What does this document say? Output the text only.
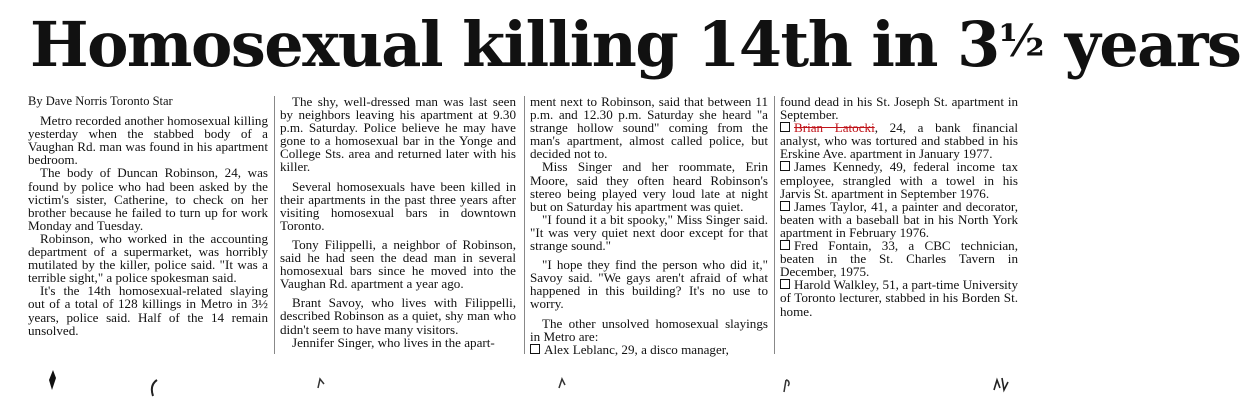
Homosexual killing 14th in 3½ years

By Dave Norris Toronto Star

Metro recorded another homosexual killing yesterday when the stabbed body of a Vaughan Rd. man was found in his apartment bedroom.

The body of Duncan Robinson, 24, was found by police who had been asked by the victim's sister, Catherine, to check on her brother because he failed to turn up for work Monday and Tuesday.

Robinson, who worked in the accounting department of a supermarket, was horribly mutilated by the killer, police said. "It was a terrible sight," a police spokesman said.

It's the 14th homosexual-related slaying out of a total of 128 killings in Metro in 3½ years, police said. Half of the 14 remain unsolved.

The shy, well-dressed man was last seen by neighbors leaving his apartment at 9.30 p.m. Saturday. Police believe he may have gone to a homosexual bar in the Yonge and College Sts. area and returned later with his killer.

Several homosexuals have been killed in their apartments in the past three years after visiting homosexual bars in downtown Toronto.

Tony Filippelli, a neighbor of Robinson, said he had seen the dead man in several homosexual bars since he moved into the Vaughan Rd. apartment a year ago.

Brant Savoy, who lives with Filippelli, described Robinson as a quiet, shy man who didn't seem to have many visitors.

Jennifer Singer, who lives in the apart-

ment next to Robinson, said that between 11 p.m. and 12.30 p.m. Saturday she heard "a strange hollow sound" coming from the man's apartment, almost called police, but decided not to.

Miss Singer and her roommate, Erin Moore, said they often heard Robinson's stereo being played very loud late at night but on Saturday his apartment was quiet.

"I found it a bit spooky," Miss Singer said. "It was very quiet next door except for that strange sound."

"I hope they find the person who did it," Savoy said. "We gays aren't afraid of what happened in this building? It's no use to worry.

The other unsolved homosexual slayings in Metro are:

Alex Leblanc, 29, a disco manager,

found dead in his St. Joseph St. apartment in September.

Brian Latocki, 24, a bank financial analyst, who was tortured and stabbed in his Erskine Ave. apartment in January 1977.

James Kennedy, 49, federal income tax employee, strangled with a towel in his Jarvis St. apartment in September 1976.

James Taylor, 41, a painter and decorator, beaten with a baseball bat in his North York apartment in February 1976.

Fred Fontain, 33, a CBC technician, beaten in the St. Charles Tavern in December, 1975.

Harold Walkley, 51, a part-time University of Toronto lecturer, stabbed in his Borden St. home.
